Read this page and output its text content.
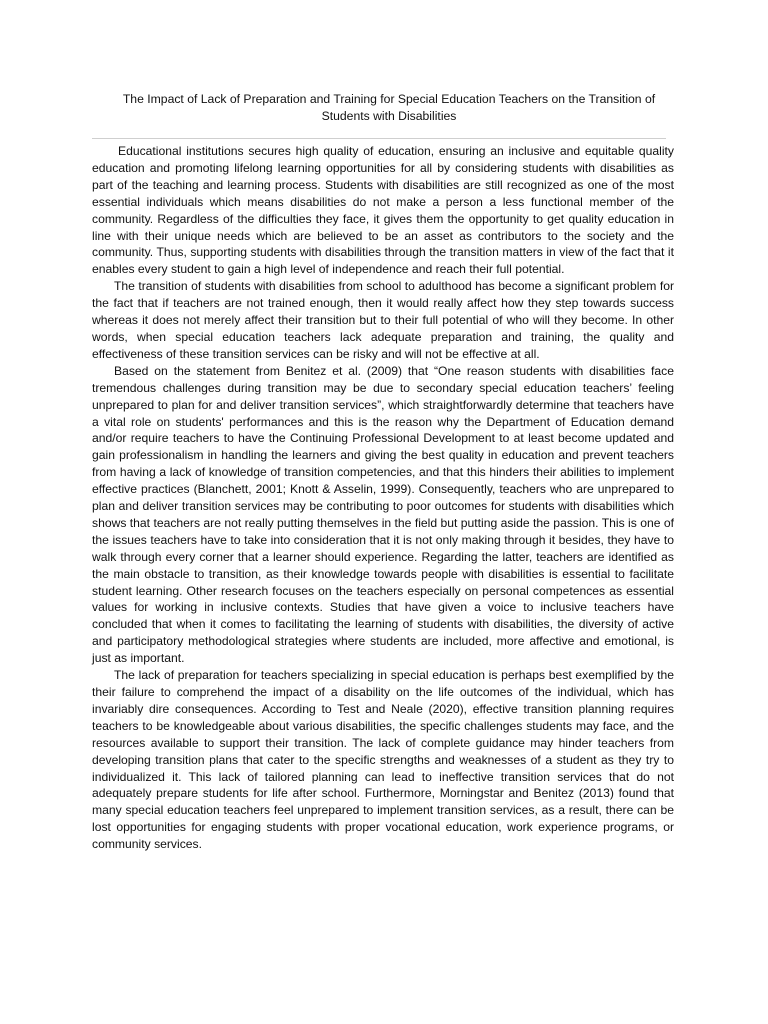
The Impact of Lack of Preparation and Training for Special Education Teachers on the Transition of Students with Disabilities

Educational institutions secures high quality of education, ensuring an inclusive and equitable quality education and promoting lifelong learning opportunities for all by considering students with disabilities as part of the teaching and learning process. Students with disabilities are still recognized as one of the most essential individuals which means disabilities do not make a person a less functional member of the community. Regardless of the difficulties they face, it gives them the opportunity to get quality education in line with their unique needs which are believed to be an asset as contributors to the society and the community. Thus, supporting students with disabilities through the transition matters in view of the fact that it enables every student to gain a high level of independence and reach their full potential.

The transition of students with disabilities from school to adulthood has become a significant problem for the fact that if teachers are not trained enough, then it would really affect how they step towards success whereas it does not merely affect their transition but to their full potential of who will they become. In other words, when special education teachers lack adequate preparation and training, the quality and effectiveness of these transition services can be risky and will not be effective at all.

Based on the statement from Benitez et al. (2009) that “One reason students with disabilities face tremendous challenges during transition may be due to secondary special education teachers’ feeling unprepared to plan for and deliver transition services”, which straightforwardly determine that teachers have a vital role on students' performances and this is the reason why the Department of Education demand and/or require teachers to have the Continuing Professional Development to at least become updated and gain professionalism in handling the learners and giving the best quality in education and prevent teachers from having a lack of knowledge of transition competencies, and that this hinders their abilities to implement effective practices (Blanchett, 2001; Knott & Asselin, 1999). Consequently, teachers who are unprepared to plan and deliver transition services may be contributing to poor outcomes for students with disabilities which shows that teachers are not really putting themselves in the field but putting aside the passion. This is one of the issues teachers have to take into consideration that it is not only making through it besides, they have to walk through every corner that a learner should experience. Regarding the latter, teachers are identified as the main obstacle to transition, as their knowledge towards people with disabilities is essential to facilitate student learning. Other research focuses on the teachers especially on personal competences as essential values for working in inclusive contexts. Studies that have given a voice to inclusive teachers have concluded that when it comes to facilitating the learning of students with disabilities, the diversity of active and participatory methodological strategies where students are included, more affective and emotional, is just as important.

The lack of preparation for teachers specializing in special education is perhaps best exemplified by the their failure to comprehend the impact of a disability on the life outcomes of the individual, which has invariably dire consequences. According to Test and Neale (2020), effective transition planning requires teachers to be knowledgeable about various disabilities, the specific challenges students may face, and the resources available to support their transition. The lack of complete guidance may hinder teachers from developing transition plans that cater to the specific strengths and weaknesses of a student as they try to individualized it. This lack of tailored planning can lead to ineffective transition services that do not adequately prepare students for life after school. Furthermore, Morningstar and Benitez (2013) found that many special education teachers feel unprepared to implement transition services, as a result, there can be lost opportunities for engaging students with proper vocational education, work experience programs, or community services.
